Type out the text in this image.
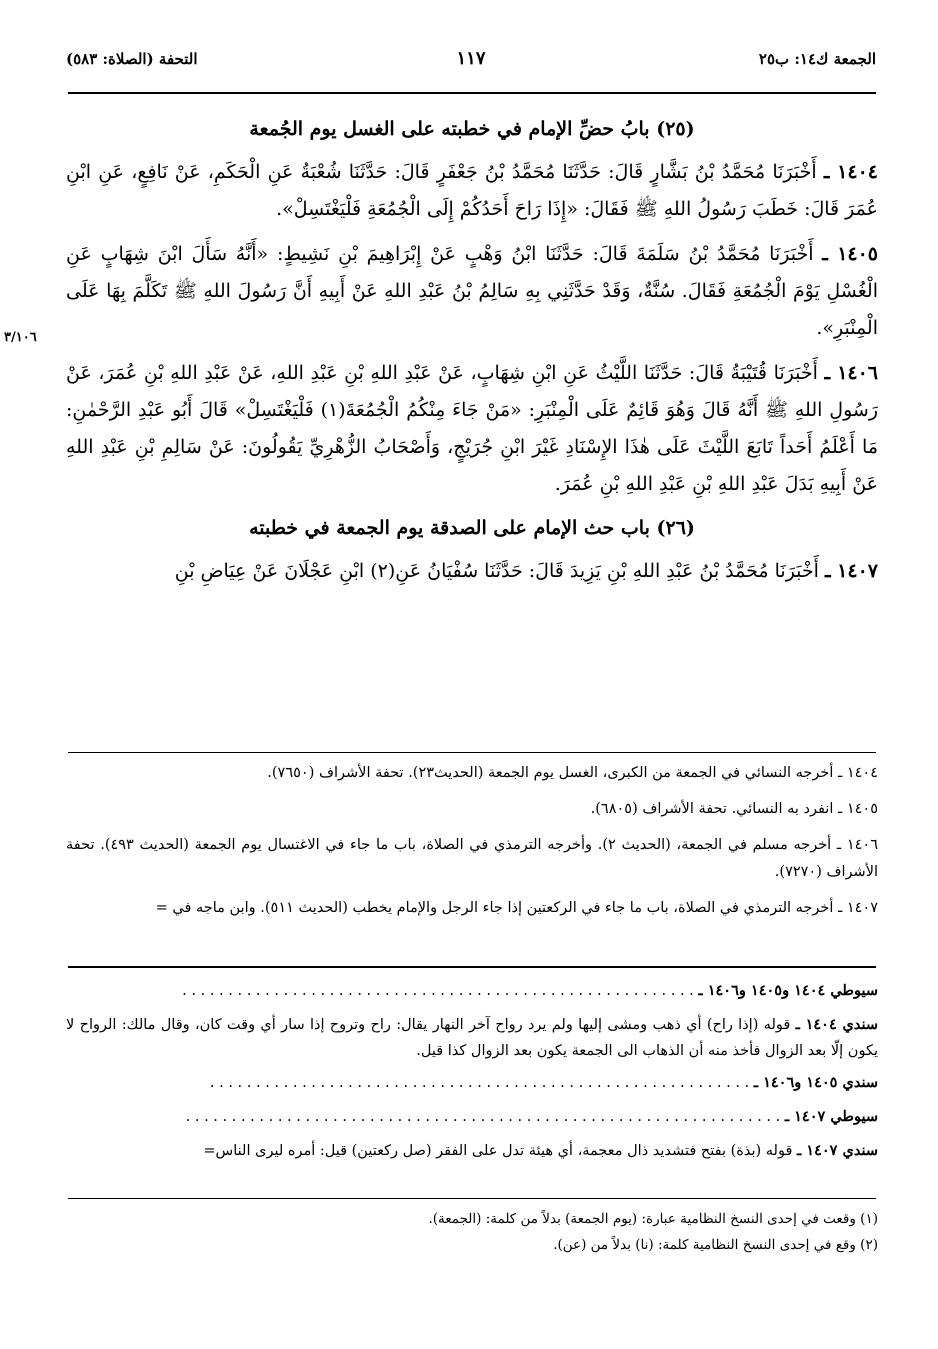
الجمعة ك١٤: ب٢٥
١١٧
التحفة (الصلاة: ٥٨٣)
٣/١٠٦
(٢٥) بابُ حضِّ الإمام في خطبته على الغسل يوم الجُمعة

١٤٠٤ ـ أَخْبَرَنَا مُحَمَّدُ بْنُ بَشَّارٍ قَالَ: حَدَّثَنَا مُحَمَّدُ بْنُ جَعْفَرٍ قَالَ: حَدَّثَنَا شُعْبَةُ عَنِ الْحَكَمِ، عَنْ نَافِعٍ، عَنِ ابْنِ عُمَرَ قَالَ: خَطَبَ رَسُولُ اللهِ ﷺ فَقَالَ: «إِذَا رَاحَ أَحَدُكُمْ إِلَى الْجُمُعَةِ فَلْيَغْتَسِلْ».

١٤٠٥ ـ أَخْبَرَنَا مُحَمَّدُ بْنُ سَلَمَةَ قَالَ: حَدَّثَنَا ابْنُ وَهْبٍ عَنْ إِبْرَاهِيمَ بْنِ نَشِيطٍ: «أَنَّهُ سَأَلَ ابْنَ شِهَابٍ عَنِ الْغُسْلِ يَوْمَ الْجُمُعَةِ فَقَالَ. سُنَّةٌ، وَقَدْ حَدَّثَنِي بِهِ سَالِمُ بْنُ عَبْدِ اللهِ عَنْ أَبِيهِ أَنَّ رَسُولَ اللهِ ﷺ تَكَلَّمَ بِهَا عَلَى الْمِنْبَرِ».

١٤٠٦ ـ أَخْبَرَنَا قُتَيْبَةُ قَالَ: حَدَّثَنَا اللَّيْثُ عَنِ ابْنِ شِهَابٍ، عَنْ عَبْدِ اللهِ بْنِ عَبْدِ اللهِ، عَنْ عَبْدِ اللهِ بْنِ عُمَرَ، عَنْ رَسُولِ اللهِ ﷺ أَنَّهُ قَالَ وَهُوَ قَائِمٌ عَلَى الْمِنْبَرِ: «مَنْ جَاءَ مِنْكُمُ الْجُمُعَةَ(١) فَلْيَغْتَسِلْ» قَالَ أَبُو عَبْدِ الرَّحْمٰنِ: مَا أَعْلَمُ أَحَداً تَابَعَ اللَّيْثَ عَلَى هٰذَا الإِسْنَادِ غَيْرَ ابْنِ جُرَيْجٍ، وَأَصْحَابُ الزُّهْرِيِّ يَقُولُونَ: عَنْ سَالِمِ بْنِ عَبْدِ اللهِ عَنْ أَبِيهِ بَدَلَ عَبْدِ اللهِ بْنِ عَبْدِ اللهِ بْنِ عُمَرَ.

(٢٦) باب حث الإمام على الصدقة يوم الجمعة في خطبته

١٤٠٧ ـ أَخْبَرَنَا مُحَمَّدُ بْنُ عَبْدِ اللهِ بْنِ يَزِيدَ قَالَ: حَدَّثَنَا سُفْيَانُ عَنِ(٢) ابْنِ عَجْلَانَ عَنْ عِيَاضِ بْنِ

١٤٠٤ ـ أخرجه النسائي في الجمعة من الكبرى، الغسل يوم الجمعة (الحديث٢٣). تحفة الأشراف (٧٦٥٠).

١٤٠٥ ـ انفرد به النسائي. تحفة الأشراف (٦٨٠٥).

١٤٠٦ ـ أخرجه مسلم في الجمعة، (الحديث ٢). وأخرجه الترمذي في الصلاة، باب ما جاء في الاغتسال يوم الجمعة (الحديث ٤٩٣). تحفة الأشراف (٧٢٧٠).

١٤٠٧ ـ أخرجه الترمذي في الصلاة، باب ما جاء في الركعتين إذا جاء الرجل والإمام يخطب (الحديث ٥١١). وابن ماجه في =

سيوطي ١٤٠٤ و١٤٠٥ و١٤٠٦ ـ . . . . . . . . . . . . . . . . . . . . . . . . . . . . . . . . . . . . . . . . . . . . . . . . . . . . . . . .

سندي ١٤٠٤ ـ قوله (إذا راح) أي ذهب ومشى إليها ولم يرد رواح آخر النهار يقال: راح وتروح إذا سار أي وقت كان، وقال مالك: الرواح لا يكون إلّا بعد الزوال فأخذ منه أن الذهاب الى الجمعة يكون بعد الزوال كذا قيل.

سندي ١٤٠٥ و١٤٠٦ ـ . . . . . . . . . . . . . . . . . . . . . . . . . . . . . . . . . . . . . . . . . . . . . . . . . . . . . . . . . . .

سيوطي ١٤٠٧ ـ . . . . . . . . . . . . . . . . . . . . . . . . . . . . . . . . . . . . . . . . . . . . . . . . . . . . . . . . . . . . . . . . .

سندي ١٤٠٧ ـ قوله (بذة) بفتح فتشديد ذال معجمة، أي هيئة تدل على الفقر (صل ركعتين) قيل: أمره ليرى الناس=

(١) وقعت في إحدى النسخ النظامية عبارة: (يوم الجمعة) بدلاً من كلمة: (الجمعة).

(٢) وقع في إحدى النسخ النظامية كلمة: (نا) بدلاً من (عن).
